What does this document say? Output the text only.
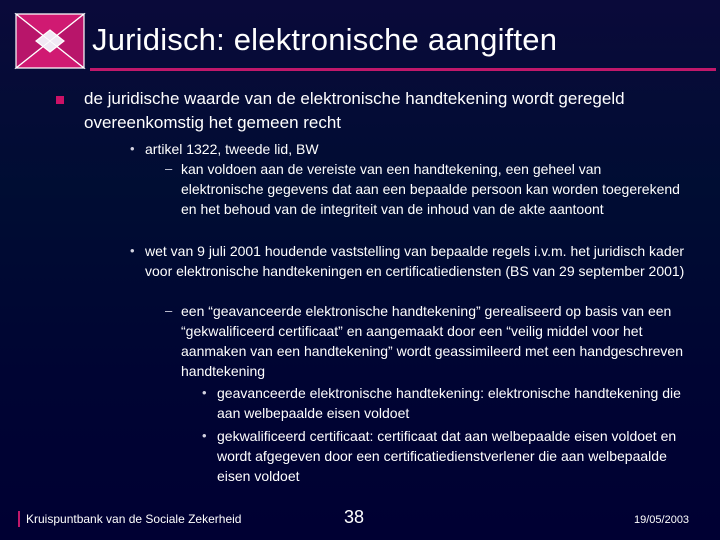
Juridisch: elektronische aangiften
de juridische waarde van de elektronische handtekening wordt geregeld overeenkomstig het gemeen recht
• artikel 1322, tweede lid, BW
– kan voldoen aan de vereiste van een handtekening, een geheel van elektronische gegevens dat aan een bepaalde persoon kan worden toegerekend en het behoud van de integriteit van de inhoud van de akte aantoont
• wet van 9 juli 2001 houdende vaststelling van bepaalde regels i.v.m. het juridisch kader voor elektronische handtekeningen en certificatiediensten (BS van 29 september 2001)
– een “geavanceerde elektronische handtekening” gerealiseerd op basis van een “gekwalificeerd certificaat” en aangemaakt door een “veilig middel voor het aanmaken van een handtekening” wordt geassimileerd met een handgeschreven handtekening
• geavanceerde elektronische handtekening: elektronische handtekening die aan welbepaalde eisen voldoet
• gekwalificeerd certificaat: certificaat dat aan welbepaalde eisen voldoet en wordt afgegeven door een certificatiedienstverlener die aan welbepaalde eisen voldoet
Kruispuntbank van de Sociale Zekerheid	38	19/05/2003
